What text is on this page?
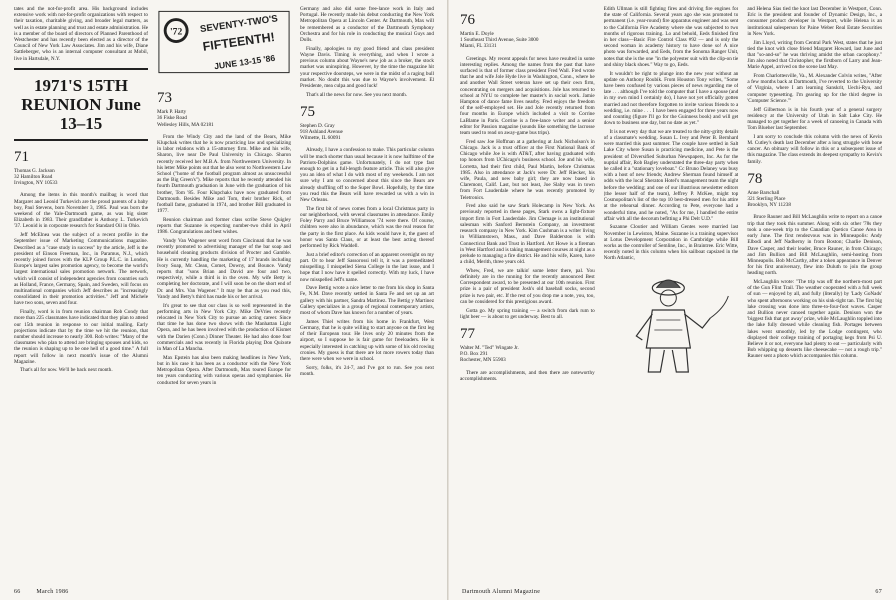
tates and the not-for-profit area. His background includes extensive work with not-for-profit organizations with respect to their taxation, charitable giving, and broader legal matters, as well as in estate planning and trust and estate administration. He is a member of the board of directors of Planned Parenthood of Westchester and has recently been elected as a director of the Council of New York Law Associates. Jim and his wife, Diane Sattleberger, who is an internal computer consultant at Mobil, live in Hartsdale, N.Y.

1971'S 15TH REUNION June 13–15
71
Thomas G. Jackson
32 Hamilton Road
Irvington, NY 10533

Among the items in this month's mailbag is word that Margaret and Leonid Turkevich are the proud parents of a baby boy, Paul Stevens, born November 3, 1985. Paul was born the weekend of the Yale-Dartmouth game, as was big sister Elizabeth in 1983. Their grandfather is Anthony L. Turkevich '37. Leonid is in corporate research for Standard Oil in Ohio.

Jeff McElnea was the subject of a recent profile in the September issue of Marketing Communications magazine. Described as a "case study in success" by the article, Jeff is the president of Einson Freeman, Inc., in Paramus, N.J., which recently joined forces with the KLP Group P.L.C. in London, Europe's largest sales promotion agency, to become the world's largest international sales promotion network. The network, which will consist of independent agencies from countries such as Holland, France, Germany, Spain, and Sweden, will focus on multinational companies which Jeff describes as "increasingly consolidated in their promotion activities." Jeff and Michele have two sons, seven and four.

Finally, word is in from reunion chairman Rob Condy that more than 225 classmates have indicated that they plan to attend our 15th reunion in response to our initial mailing. Early projections indicate that by the time we hit the reunion, that number should increase to nearly 300. Rob writes: "Many of the classmates who plan to attend are bringing spouses and kids, so the reunion is shaping up to be one hell of a good time." A full report will follow in next month's issue of the Alumni Magazine.

That's all for now. We'll be back next month.

'72 SEVENTY-TWO'S
FIFTEENTH!
JUNE 13-15 '86
73
Mark P. Harty
36 Fiske Road
Wellesley Hills, MA 02181

From the Windy City and the land of the Bears, Mike Klupchak writes that he is now practicing law and specializing in labor relations with a 15-attorney firm. Mike and his wife, Sharon, live near De Paul University in Chicago. Sharon recently received her M.B.A. from Northwestern University. In his letter Mike points out that he also went to Northwestern Law School ("home of the football program almost as unsuccessful as the Big Green's"). Mike reports that he recently attended his fourth Dartmouth graduation in June with the graduation of his brother, Tom '85. Four Klupchaks have now graduated from Dartmouth. Besides Mike and Tom, their brother Rick, of football fame, graduated in 1974, and brother Bill graduated in 1977.

Reunion chairman and former class scribe Steve Quigley reports that Suzanne is expecting number-two child in April 1986. Congratulations and best wishes.

Vandy Van Wagener sent word from Cincinnati that he was recently promoted to advertising manager of the bar soap and household cleaning products division of Procter and Gamble. He is currently handling the marketing of 17 brands including Ivory Soap, Mr. Clean, Comet, Downy, and Bounce. Vandy reports that "sons Brian and David are four and two, respectively, while a third is in the oven. My wife Betty is completing her doctorate, and I will soon be on the short end of Dr. and Mrs. Van Wagener." It may be that as you read this, Vandy and Betty's third has made his or her arrival.

It's great to see that our class is so well represented in the performing arts in New York City. Mike DeVries recently relocated in New York City to pursue an acting career. Since that time he has done two shows with the Manhattan Light Opera, and he has been involved with the production of Kismet with the Darien (Conn.) Dinner Theater. He had also done four commercials and was recently in Florida playing Don Quixote in Man of La Mancha.

Max Epstein has also been making headlines in New York, but in his case it has been as a conductor with the New York Metropolitan Opera. After Dartmouth, Max toured Europe for ten years conducting with various operas and symphonies. He conducted for seven years in

Germany and also did some free-lance work in Italy and Portugal. He recently made his debut conducting the New York Metropolitan Opera at Lincoln Center. At Dartmouth, Max will be remembered as a conductor of the Dartmouth Symphony Orchestra and for his role in conducting the musical Guys and Dolls.

Finally, apologies to my good friend and class president Wayne Davis. Timing is everything, and when I wrote a previous column about Wayne's new job as a broker, the stock market was uninspiring. However, by the time the magazine hit your respective doorsteps, we were in the midst of a raging bull market. No doubt this was due to Wayne's involvement. El Presidente, mea culpa and good luck!

That's all the news for now. See you next month.

75
Stephen D. Gray
918 Ashland Avenue
Wilmette, IL 60091

Already, I have a confession to make. This particular column will be much shorter than usual because it is now halftime of the Patriots-Dolphins game. Unfortunately, I do not type fast enough to get in a full-length feature article. This will also give you an idea of what I do with most of my weekends. I am not sure why I am so concerned about this since the Bears are already shuffling off to the Super Bowl. Hopefully, by the time you read this the Bears will have rewarded us with a win in New Orleans.

The first bit of news comes from a local Christmas party in our neighborhood, with several classmates in attendance. Emily Foley Parry and Bruce Williamson '74 were there. Of course, children were also in abundance, which was the real reason for the party in the first place. As kids would have it, the guest of honor was Santa Claus, or at least the best acting thereof performed by Rick Waddell.

Just a brief editor's correction of an apparent oversight on my part. Or to hear Jeff Sassorossi tell it, it was a premeditated misspelling. I misspelled Siena College in the last issue, and I hope that I now have it spelled correctly. With my luck, I have now misspelled Jeff's name.

Dave Bettig wrote a nice letter to me from his shop in Santa Fe, N.M. Dave recently settled in Santa Fe and set up an art gallery with his partner, Sandra Martinez. The Bettig y Martinez Gallery specializes in a group of regional contemporary artists, most of whom Dave has known for a number of years.

James Thiel writes from his home in Frankfurt, West Germany, that he is quite willing to start anyone on the first leg of their European tour. He lives only 20 minutes from the airport, so I suppose he is fair game for freeloaders. He is especially interested in catching up with some of his old rowing cronies. My guess is that there are lot more rowers today than there were when we were in school.

Sorry, folks, it's 24-7, and I've got to run. See you next month.

66	March 1986
76
Martin E. Doyle
1 Southeast Third Avenue, Suite 3000
Miami, FL 33131

Greetings. My recent appeals for news have resulted in some interesting replies. Among the names from the past that have surfaced is that of former class president Fred Wall. Fred wrote that he and wife Jole Hyde live in Washington, Conn., where he and another Wall Street veteran have set up their own firm, concentrating on mergers and acquisitions. Jole has returned to school at NYU to complete her master's in social work. Jamie Hampton of dance fame lives nearby. Fred enjoys the freedom of the self-employed set. He and Jole recently returned from four months in Europe which included a visit to Corrine LaBlame in Paris. Corrine is a free-lance writer and a senior editor for Passion magazine (sounds like something the lacrosse team used to read on away-game bus trips).

Fred saw Joe Hoffman at a gathering at Jack Nicholson's in Chicago. Jack is a trust officer at the First National Bank of Chicago while Joe is with AT&T, after having graduated with top honors from UChicago's business school. Joe and his wife, Lorretta, had their first child, Paul Martin, before Christmas 1985. Also in attendance at Jack's were Dr. Jeff Riecker, his wife, Paula, and new baby girl; they are now based in Claremont, Calif. Last, but not least, Joe Slaby was in town from Fort Lauderdale where he was recently promoted by Teletronics.

Fred also said he saw Stark Holecamp in New York. As previously reported in these pages, Stark owns a light-fixture import firm in Fort Lauderdale. Jim Clemage is an institutional salesman with Sanford Bernstein Company, an investment research company in New York. Kim Cushman is a writer living in Williamstown, Mass., and Dave Balderston is with Connecticut Bank and Trust in Hartford. Art Howe is a fireman in West Hartford and is taking management courses at night as a prelude to managing a fire district. He and his wife, Karen, have a child, Merith, three years old.

Whew, Fred, we are talkin' some letter there, pal. You definitely are in the running for the recently announced Best Correspondent award, to be presented at our 10th reunion. First prize is a pair of president Josh's old baseball socks, second prize is two pair, etc. If the rest of you drop me a note, you, too, can be considered for this prestigious award.

Gotta go. My spring training — a switch from dark rum to light beer — is about to get underway. Best to all.

77
Walter M. "Ted" Wingate Jr.
P.O. Box 291
Rochester, MN 55903

There are accomplishments, and then there are noteworthy accomplishments.

Edith Ullman is still fighting fires and driving fire engines for the state of California. Several years ago she was promoted to permanent (i.e. year-round) fire apparatus engineer and was sent to the California Fire Academy where she was subjected to two months of rigorous training. Lo and behold, Eeds finished first in her class—Basic Fire Control Class #92 — and is only the second woman in academy history to have done so! A nice photo was forwarded, and Eeds, from the Sonoma Ranger Unit, notes that she is the one "in the polyester suit with the clip-on tie and shiny black shoes." Way to go, Eeds.

It wouldn't be right to plunge into the new year without an update on Anthony Roubik. From Houston Tony writes, "Some have been confused by various pieces of news regarding me of late . . . although I've told the computer that I have a spouse (and in my own mind I certainly do), I have not yet officially gotten married and not therefore forgotten to invite various friends to a wedding, i.e. mine . . . I have been engaged for three years now and counting (figure I'll go for the Guinness book) and will get down to business one day, but no date as yet."

It is not every day that we are treated to the nitty-gritty details of a classmate's wedding. Susan L. Ivey and Peter B. Bernhard were married this past summer. The couple have settled in Salt Lake City where Susan is practicing medicine, and Pete is the president of Diversified Suburban Newspapers, Inc. As for the nuptial affair, Rob Bagley understated the three-day party when he called it a "stationary loveboat." Cc Bruno Delaney was busy with a host of new friends; Andrew Sherman found himself at odds with the local Sheraton Hotel's management team the night before the wedding; and one of our illustrious newsletter editors (the lesser half of the team), Jeffrey P. McKee, might top Cosmopolitan's list of the top 10 best-dressed men for his attire at the rehearsal dinner. According to Pete, everyone had a wonderful time, and he noted, "As for me, I handled the entire affair with all the decorum befitting a Phi Delt U.D."

Suzanne Cloutier and William Gentes were married last November in Lewiston, Maine. Suzanne is a training supervisor at Lotus Development Corporation in Cambridge while Bill works as the controller of Semline, Inc., in Braintree. Eric Witte, recently noted in this column when his sailboat capsized in the North Atlantic,

and Helena Sias tied the knot last December in Westport, Conn. Eric is the president and founder of Dynamic Design, Inc., a consumer product developer in Westport, while Helena is an institutional salesperson for Paine Weber Real Estate Securities in New York.

Jim Lloyd, writing from Central Park West, states that he just tied the knot with close friend Margaret Howard, last June and that "so-and-so" he was thriving amidst the urban cacophony." Jim also noted that Christopher, the firstborn of Larry and Jean-Marie Appel, arrived on the scene last May.

From Charlottesville, Va., M. Alexander Colvin writes, "After a few months back at Dartmouth, I've reverted to the University of Virginia, where I am learning Sanskrit, Uechi-Ryu, and computer typesetting. I'm gearing up for the third degree in 'Computer Science.'"

Jeff Gilbertson is in his fourth year of a general surgery residency at the University of Utah in Salt Lake City. He managed to get together for a week of canoeing in Canada with Tom Blueher last September.

I am sorry to conclude this column with the news of Kevin M. Cutley's death last December after a long struggle with bone cancer. An obituary will follow in this or a subsequent issue of this magazine. The class extends its deepest sympathy to Kevin's family.

78
Anne Barschall
321 Sterling Place
Brooklyn, NY 11238

Bruce Rauner and Bill McLaughlin write to report on a canoe trip that they took this summer. Along with six other '78s they took a one-week trip to the Canadian Quetico Canoe Area in early June. The first rendezvous was in Minneapolis: Andy Elbodi and Jeff Nadherny in from Boston; Charlie Denison, Dave Casper, and their leader, Bruce Rauner, in from Chicago; and Jim Bullion and Bill McLaughlin, semi-hosting from Minneapolis. Bob McCarthy, after a token appearance in Denver for his first anniversary, flew into Duluth to join the group heading north.

McLaughlin wrote: "The trip was off the northern-most part of the Gun Flint Trail. The weather cooperated with a full week of sun — enjoyed by all, and fully (literally) by 'Lady GoNads' who spent afternoons working on his sink-tight tan. The first big lake crossing was done into three-to-four-foot waves. Casper and Bullion never canoed together again. Denison won the 'biggest fish that got away' prize, while McLaughlin toppled into the lake fully dressed while cleaning fish. Portages between lakes went smoothly, led by the Lodge contingent, who displayed their college training of portaging kegs from Psi U. Believe it or not, everyone had plenty to eat — particularly with Bob whipping up desserts like cheesecake — not a rough trip." Rauner sent a photo which accompanies this column.

Dartmouth Alumni Magazine	67
